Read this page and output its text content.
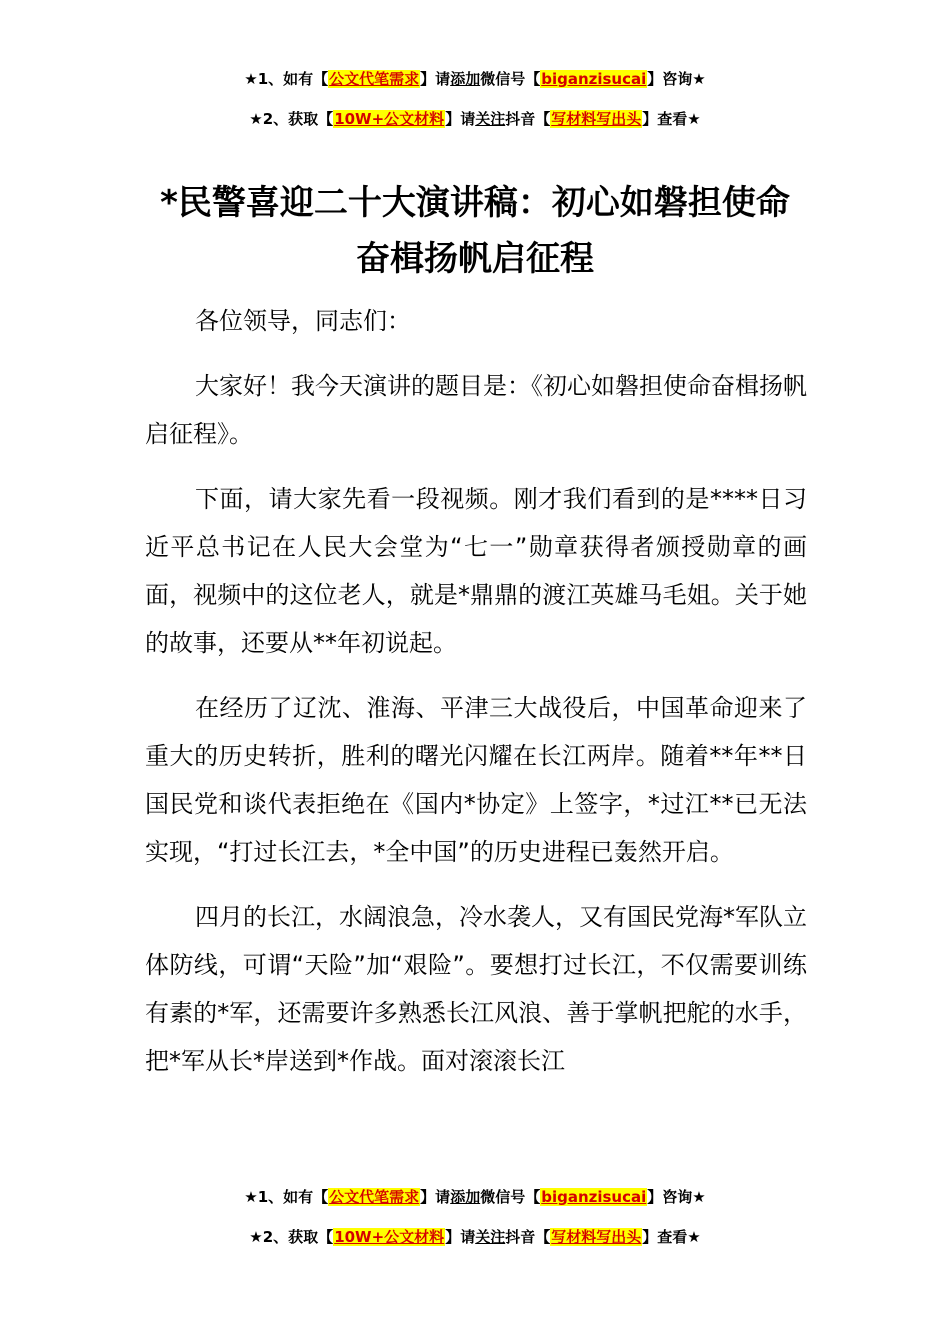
★1、如有【公文代笔需求】请添加微信号【biganzisucai】咨询★
★2、获取【10W+公文材料】请关注抖音【写材料写出头】查看★
*民警喜迎二十大演讲稿：初心如磐担使命
奋楫扬帆启征程

各位领导，同志们：

大家好！我今天演讲的题目是：《初心如磐担使命奋楫扬帆启征程》。

下面，请大家先看一段视频。刚才我们看到的是****日习近平总书记在人民大会堂为“七一”勋章获得者颁授勋章的画面，视频中的这位老人，就是*鼎鼎的渡江英雄马毛姐。关于她的故事，还要从**年初说起。

在经历了辽沈、淮海、平津三大战役后，中国革命迎来了重大的历史转折，胜利的曙光闪耀在长江两岸。随着**年**日国民党和谈代表拒绝在《国内*协定》上签字，*过江**已无法实现，“打过长江去，*全中国”的历史进程已轰然开启。

四月的长江，水阔浪急，冷水袭人，又有国民党海*军队立体防线，可谓“天险”加“艰险”。要想打过长江，不仅需要训练有素的*军，还需要许多熟悉长江风浪、善于掌帆把舵的水手，把*军从长*岸送到*作战。面对滚滚长江

★1、如有【公文代笔需求】请添加微信号【biganzisucai】咨询★
★2、获取【10W+公文材料】请关注抖音【写材料写出头】查看★
